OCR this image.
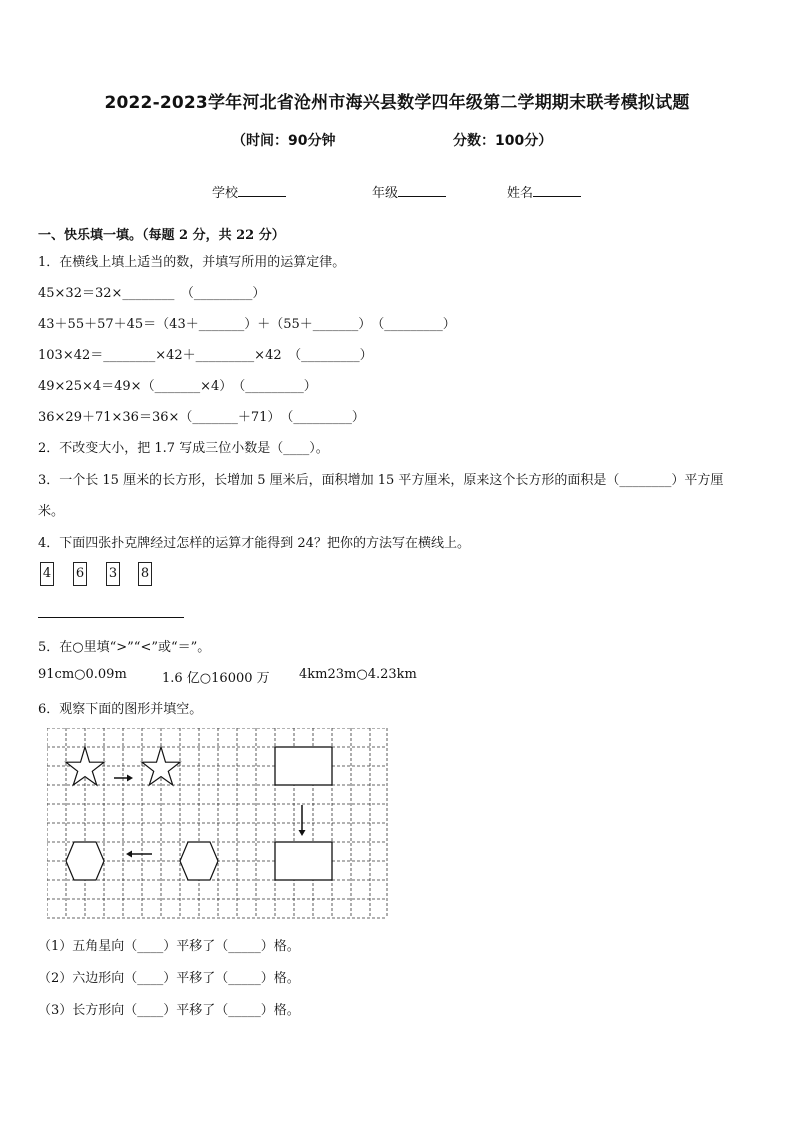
2022-2023学年河北省沧州市海兴县数学四年级第二学期期末联考模拟试题
（时间：90分钟	分数：100分）
学校	年级	姓名
一、快乐填一填。（每题 2 分，共 22 分）
1．在横线上填上适当的数，并填写所用的运算定律。
45×32＝32×________　（_________）
43＋55＋57＋45＝（43＋_______）＋（55＋_______）　（_________）
103×42＝________×42＋_________×42　（_________）
49×25×4＝49×（_______×4）　（_________）
36×29＋71×36＝36×（_______＋71）　（_________）
2．不改变大小，把 1.7 写成三位小数是（____）。
3．一个长 15 厘米的长方形，长增加 5 厘米后，面积增加 15 平方厘米，原来这个长方形的面积是（________）平方厘
米。
4．下面四张扑克牌经过怎样的运算才能得到 24？把你的方法写在横线上。
4 6 3 8
5．在○里填“>”“<”或“＝”。
91cm○0.09m	1.6 亿○16000 万 4km23m○4.23km
6．观察下面的图形并填空。
（1）五角星向（____）平移了（_____）格。
（2）六边形向（____）平移了（_____）格。
（3）长方形向（____）平移了（_____）格。
